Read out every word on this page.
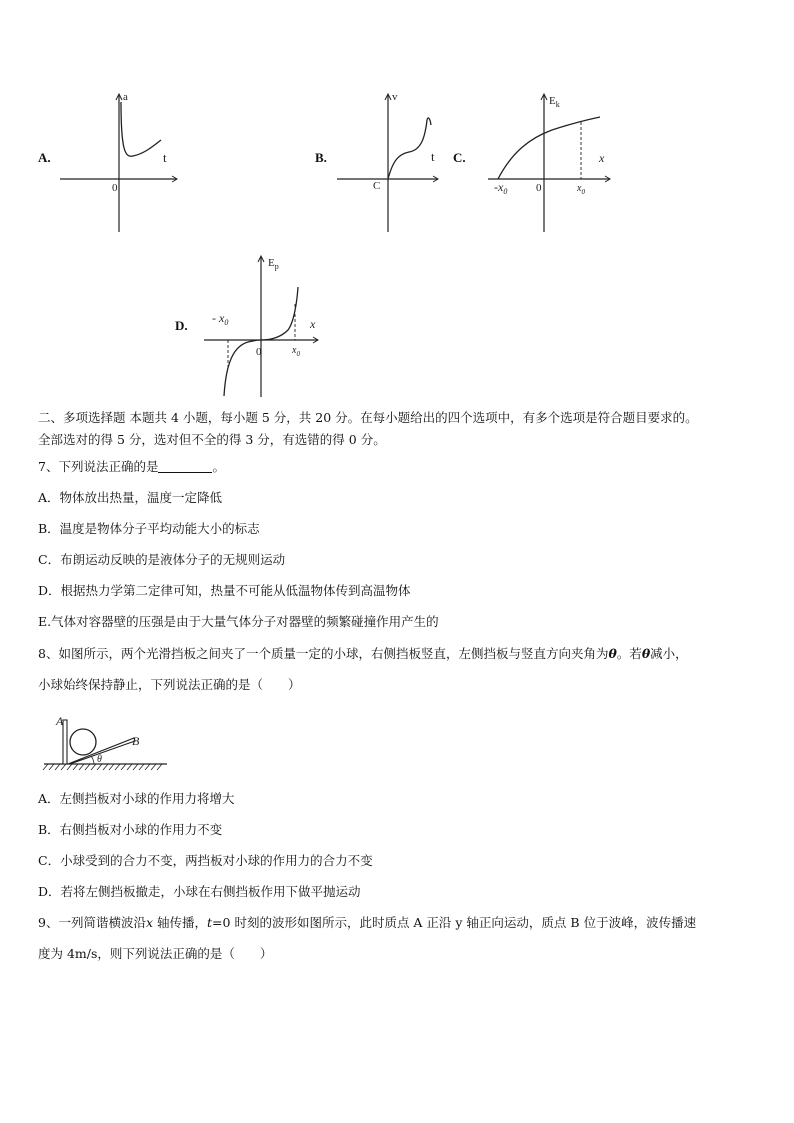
A.
a
t
0
B.
v
t
C
C.
$E_k$
x
$-x_0$	0	$x_0$
D.
$E_p$
x
- $x_0$
0	$x_0$
二、多项选择题 本题共 4 小题，每小题 5 分，共 20 分。在每小题给出的四个选项中，有多个选项是符合题目要求的。
全部选对的得 5 分，选对但不全的得 3 分，有选错的得 0 分。
7、下列说法正确的是	。
A．物体放出热量，温度一定降低
B．温度是物体分子平均动能大小的标志
C．布朗运动反映的是液体分子的无规则运动
D．根据热力学第二定律可知，热量不可能从低温物体传到高温物体
E.气体对容器壁的压强是由于大量气体分子对器壁的频繁碰撞作用产生的
8、如图所示，两个光滑挡板之间夹了一个质量一定的小球，右侧挡板竖直，左侧挡板与竖直方向夹角为θ。若θ减小，
小球始终保持静止，下列说法正确的是（　　）
A
B
θ
A．左侧挡板对小球的作用力将增大
B．右侧挡板对小球的作用力不变
C．小球受到的合力不变，两挡板对小球的作用力的合力不变
D．若将左侧挡板撤走，小球在右侧挡板作用下做平抛运动
9、一列简谐横波沿x 轴传播，t=0 时刻的波形如图所示，此时质点 A 正沿 y 轴正向运动，质点 B 位于波峰，波传播速
度为 4m/s，则下列说法正确的是（　　）
